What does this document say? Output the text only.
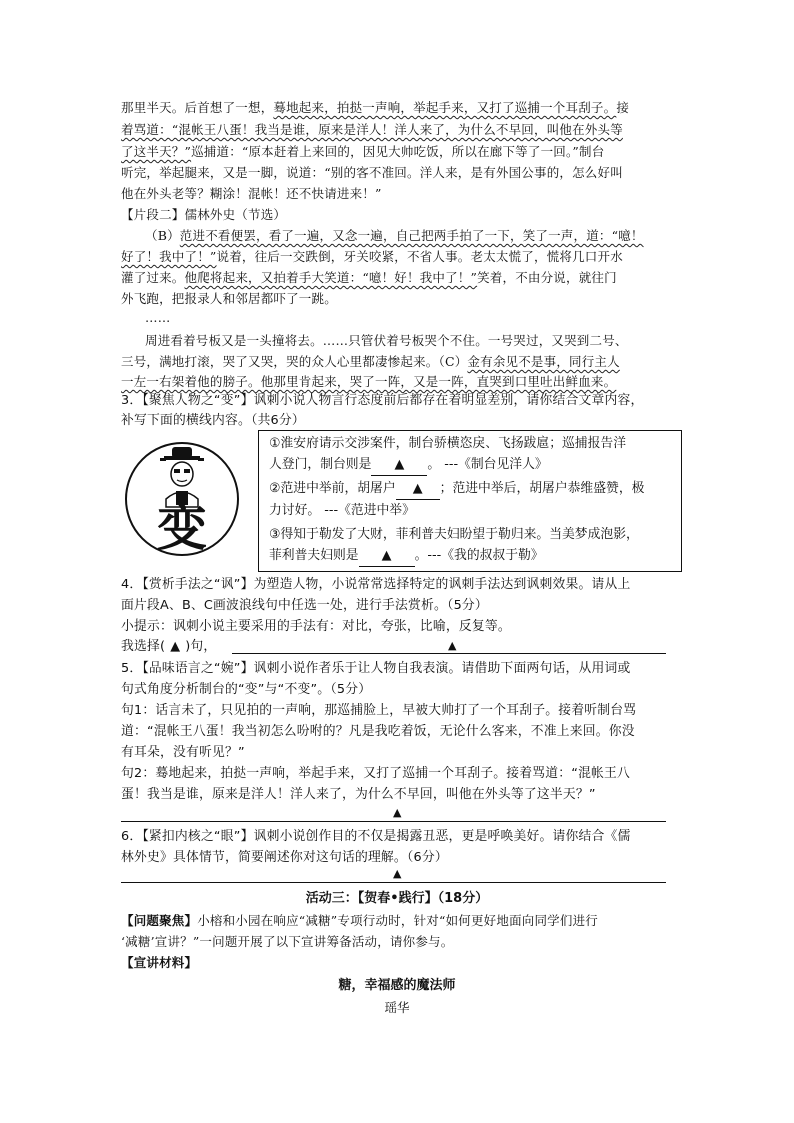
那里半天。后首想了一想，蓦地起来，拍挞一声响，举起手来，又打了巡捕一个耳刮子。接
着骂道：“混帐王八蛋！我当是谁，原来是洋人！洋人来了，为什么不早回，叫他在外头等
了这半天？”巡捕道：“原本赶着上来回的，因见大帅吃饭，所以在廊下等了一回。”制台
听完，举起腿来，又是一脚，说道：“别的客不准回。洋人来，是有外国公事的，怎么好叫
他在外头老等？糊涂！混帐！还不快请进来！”
【片段二】儒林外史（节选）
（B）范进不看便罢，看了一遍，又念一遍，自己把两手拍了一下，笑了一声，道：“噫！
好了！我中了！”说着，往后一交跌倒，牙关咬紧，不省人事。老太太慌了，慌将几口开水
灌了过来。他爬将起来，又拍着手大笑道：“噫！好！我中了！”笑着，不由分说，就往门
外飞跑，把报录人和邻居都吓了一跳。
……
周进看着号板又是一头撞将去。……只管伏着号板哭个不住。一号哭过，又哭到二号、
三号，满地打滚，哭了又哭，哭的众人心里都凄惨起来。（C）金有余见不是事，同行主人
一左一右架着他的膀子。他那里肯起来，哭了一阵，又是一阵，直哭到口里吐出鲜血来。
3．【聚焦人物之“变”】讽刺小说人物言行态度前后都存在着明显差别，请你结合文章内容，
补写下面的横线内容。（共6分）
变
①淮安府请示交涉案件，制台骄横恣戾、飞扬跋扈；巡捕报告洋
人登门，制台则是 ▲ 。 ---《制台见洋人》
②范进中举前，胡屠户 ▲ ；范进中举后，胡屠户恭维盛赞，极
力讨好。 ---《范进中举》
③得知于勒发了大财，菲利普夫妇盼望于勒归来。当美梦成泡影，
菲利普夫妇则是 ▲ 。---《我的叔叔于勒》
4．【赏析手法之“讽”】为塑造人物，小说常常选择特定的讽刺手法达到讽刺效果。请从上
面片段A、B、C画波浪线句中任选一处，进行手法赏析。（5分）
小提示：讽刺小说主要采用的手法有：对比，夸张，比喻，反复等。
我选择( ▲ )句，	▲
5．【品味语言之“婉”】讽刺小说作者乐于让人物自我表演。请借助下面两句话，从用词或
句式角度分析制台的“变”与“不变”。（5分）
句1：话言未了，只见拍的一声响，那巡捕脸上，早被大帅打了一个耳刮子。接着听制台骂
道：“混帐王八蛋！我当初怎么吩咐的？凡是我吃着饭，无论什么客来，不准上来回。你没
有耳朵，没有听见？”
句2：蓦地起来，拍挞一声响，举起手来，又打了巡捕一个耳刮子。接着骂道：“混帐王八
蛋！我当是谁，原来是洋人！洋人来了，为什么不早回，叫他在外头等了这半天？”
▲
6．【紧扣内核之“眼”】讽刺小说创作目的不仅是揭露丑恶，更是呼唤美好。请你结合《儒
林外史》具体情节，简要阐述你对这句话的理解。（6分）
▲
活动三：【贺春•践行】（18分）
【问题聚焦】小榕和小园在响应“减糖”专项行动时，针对“如何更好地面向同学们进行
‘减糖’宣讲？”一问题开展了以下宣讲筹备活动，请你参与。
【宣讲材料】
糖，幸福感的魔法师
瑶华
